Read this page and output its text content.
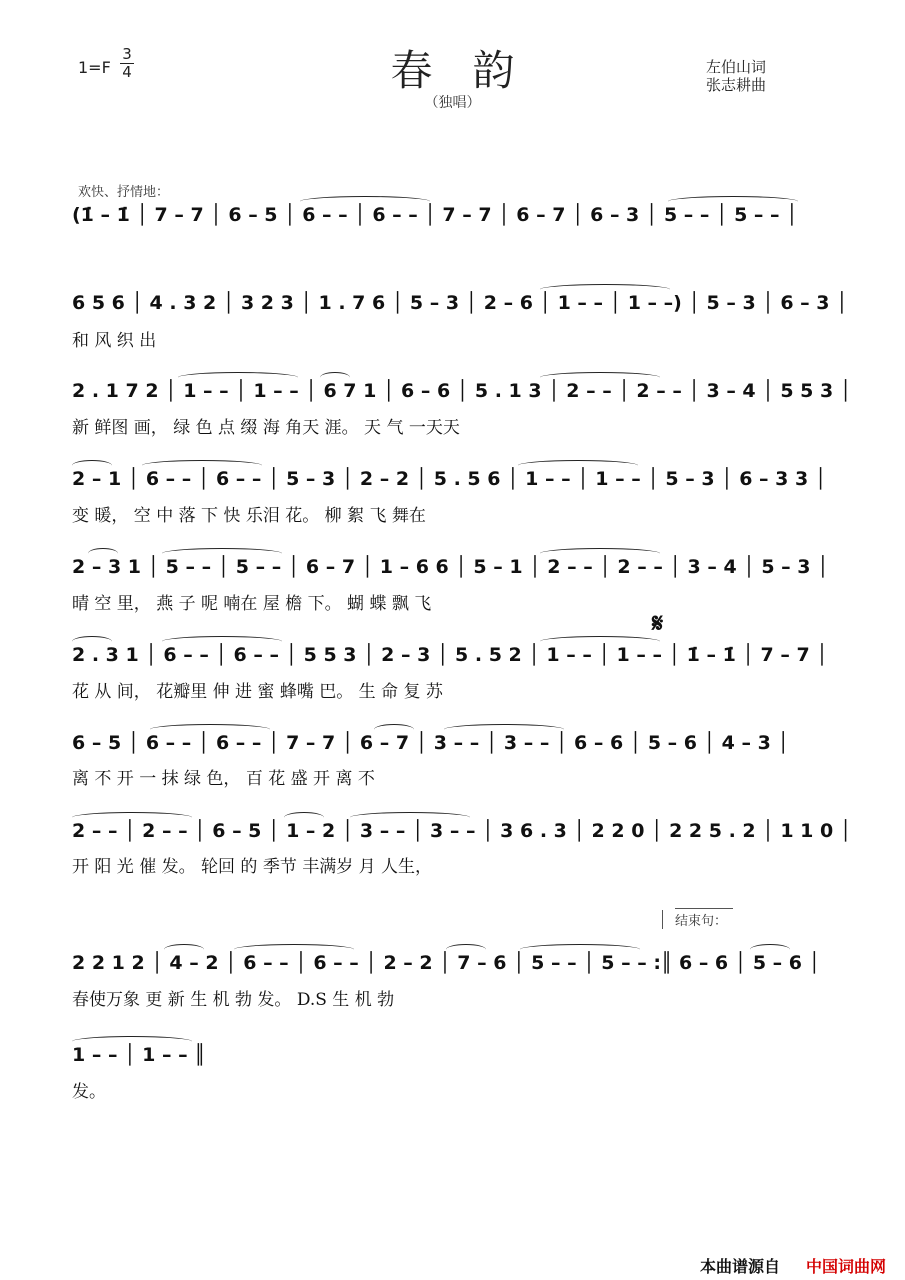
春韵
（独唱）
1=F
3
4	左伯山词
张志耕曲
欢快、抒情地：
(1̇ – 1̇ │ 7 – 7 │ 6 – 5 │ 6 – – │ 6 – – │ 7 – 7 │ 6 – 7 │ 6 – 3 │ 5 – – │ 5 – – │
6 5 6 │ 4 . 3 2 │ 3 2 3 │ 1 . 7 6 │ 5 – 3 │ 2 – 6 │ 1 – – │ 1 – –) │ 5 – 3 │ 6 – 3 │
和 风 织 出
2 . 1 7 2 │ 1 – – │ 1 – – │ 6 7 1 │ 6 – 6 │ 5 . 1 3 │ 2 – – │ 2 – – │ 3 – 4 │ 5 5 3 │
新 鲜图 画， 绿 色 点 缀 海 角天 涯。 天 气 一天天
2 – 1 │ 6 – – │ 6 – – │ 5 – 3 │ 2 – 2 │ 5 . 5 6 │ 1 – – │ 1 – – │ 5 – 3 │ 6 – 3 3 │
变 暖， 空 中 落 下 快 乐泪 花。 柳 絮 飞 舞在
2 – 3 1 │ 5 – – │ 5 – – │ 6 – 7 │ 1 – 6 6 │ 5 – 1 │ 2 – – │ 2 – – │ 3 – 4 │ 5 – 3 │
晴 空 里， 燕 子 呢 喃在 屋 檐 下。 蝴 蝶 飘 飞
2 . 3 1 │ 6 – – │ 6 – – │ 5 5 3 │ 2 – 3 │ 5 . 5 2 │ 1 – – │ 1 – – │ 1̇ – 1̇ │ 7 – 7 │
花 从 间， 花瓣里 伸 进 蜜 蜂嘴 巴。 生 命 复 苏
6 – 5 │ 6 – – │ 6 – – │ 7 – 7 │ 6 – 7 │ 3 – – │ 3 – – │ 6 – 6 │ 5 – 6 │ 4 – 3 │
离 不 开 一 抹 绿 色， 百 花 盛 开 离 不
2 – – │ 2 – – │ 6 – 5 │ 1 – 2 │ 3 – – │ 3 – – │ 3 6 . 3 │ 2 2 0 │ 2 2 5 . 2 │ 1 1 0 │
开 阳 光 催 发。 轮回 的 季节 丰满岁 月 人生，
2 2 1 2 │ 4 – 2 │ 6 – – │ 6 – – │ 2 – 2 │ 7 – 6 │ 5 – – │ 5 – – :║ 6 – 6 │ 5 – 6 │
春使万象 更 新 生 机 勃 发。 D.S 生 机 勃
1 – – │ 1 – – ║
发。
𝄋
结束句：
本曲谱源自 中国词曲网
